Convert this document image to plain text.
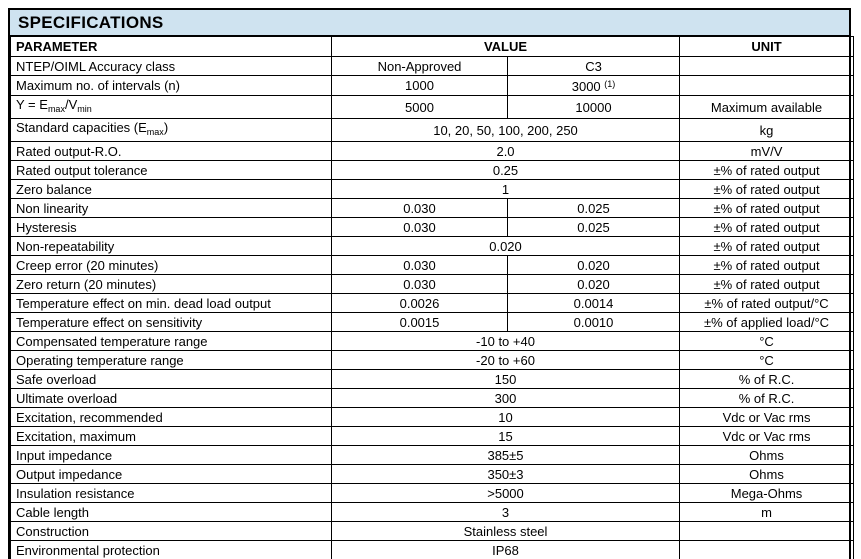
SPECIFICATIONS
PARAMETER	VALUE		UNIT
NTEP/OIML Accuracy class	Non-Approved	C3	
Maximum no. of intervals (n)	1000	3000 $^{(1)}$	
$Y = E_{max}/V_{min}$	5000	10000	Maximum available
Standard capacities $(E_{max})$	10, 20, 50, 100, 200, 250		kg
Rated output-R.O.	2.0		mV/V
Rated output tolerance	0.25		±% of rated output
Zero balance	1		±% of rated output
Non linearity	0.030	0.025	±% of rated output
Hysteresis	0.030	0.025	±% of rated output
Non-repeatability	0.020		±% of rated output
Creep error (20 minutes)	0.030	0.020	±% of rated output
Zero return (20 minutes)	0.030	0.020	±% of rated output
Temperature effect on min. dead load output	0.0026	0.0014	±% of rated output/°C
Temperature effect on sensitivity	0.0015	0.0010	±% of applied load/°C
Compensated temperature range	-10 to +40		°C
Operating temperature range	-20 to +60		°C
Safe overload	150		% of R.C.
Ultimate overload	300		% of R.C.
Excitation, recommended	10		Vdc or Vac rms
Excitation, maximum	15		Vdc or Vac rms
Input impedance	385±5		Ohms
Output impedance	350±3		Ohms
Insulation resistance	>5000		Mega-Ohms
Cable length	3		m
Construction	Stainless steel		
Environmental protection	IP68		
